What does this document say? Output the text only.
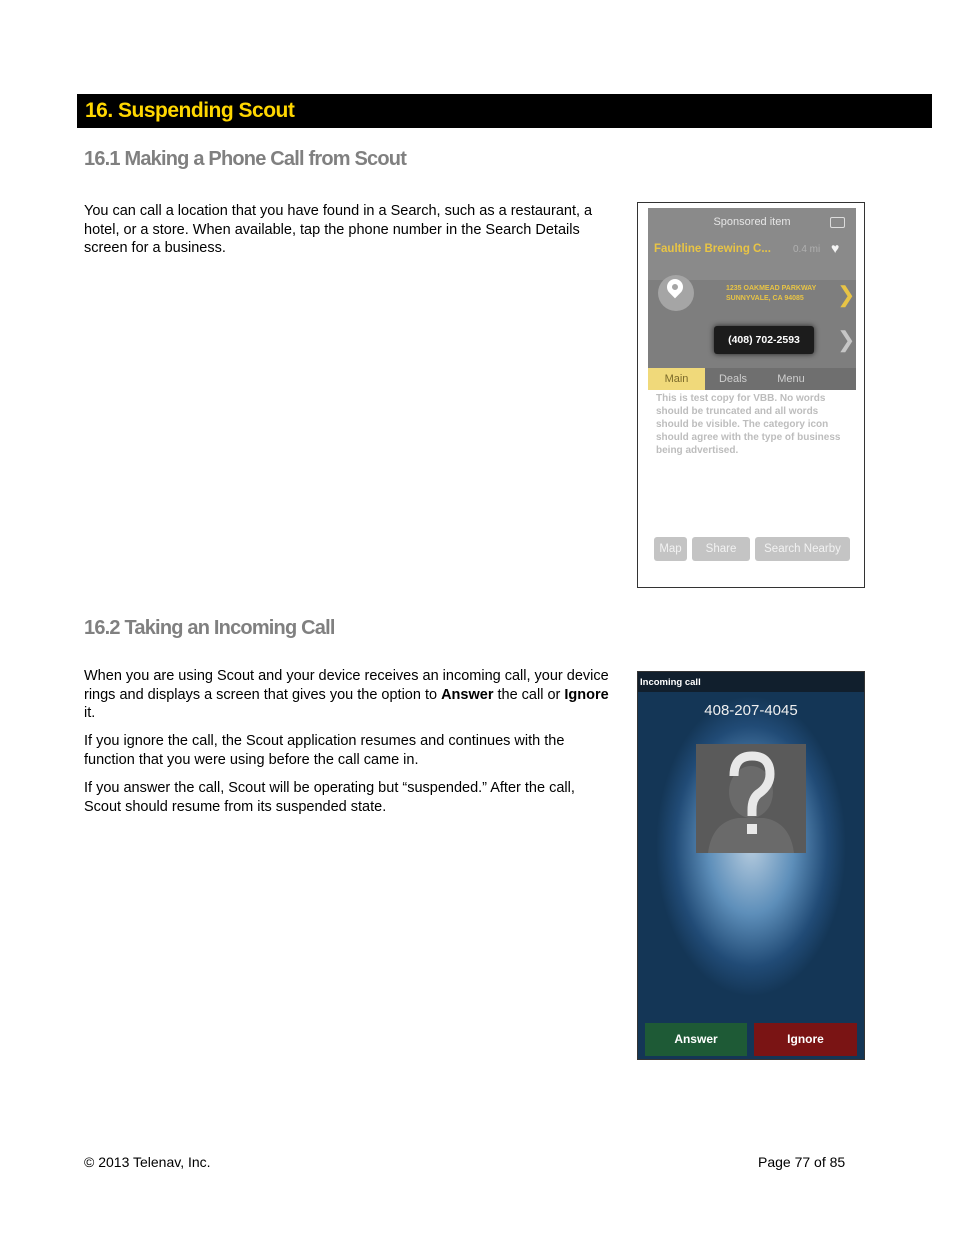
16. Suspending Scout
16.1 Making a Phone Call from Scout
You can call a location that you have found in a Search, such as a restaurant, a hotel, or a store. When available, tap the phone number in the Search Details screen for a business.
Sponsored item
Faultline Brewing C... 0.4 mi ♥
1235 OAKMEAD PARKWAY
SUNNYVALE, CA 94085	❯
(408) 702-2593	❯
Main	Deals	Menu
This is test copy for VBB. No words should be truncated and all words should be visible. The category icon should agree with the type of business being advertised.
Map	Share	Search Nearby
16.2 Taking an Incoming Call
When you are using Scout and your device receives an incoming call, your device rings and displays a screen that gives you the option to Answer the call or Ignore it.
If you ignore the call, the Scout application resumes and continues with the function that you were using before the call came in.
If you answer the call, Scout will be operating but “suspended.” After the call, Scout should resume from its suspended state.
Incoming call
408-207-4045
Answer	Ignore
© 2013 Telenav, Inc.	Page 77 of 85
